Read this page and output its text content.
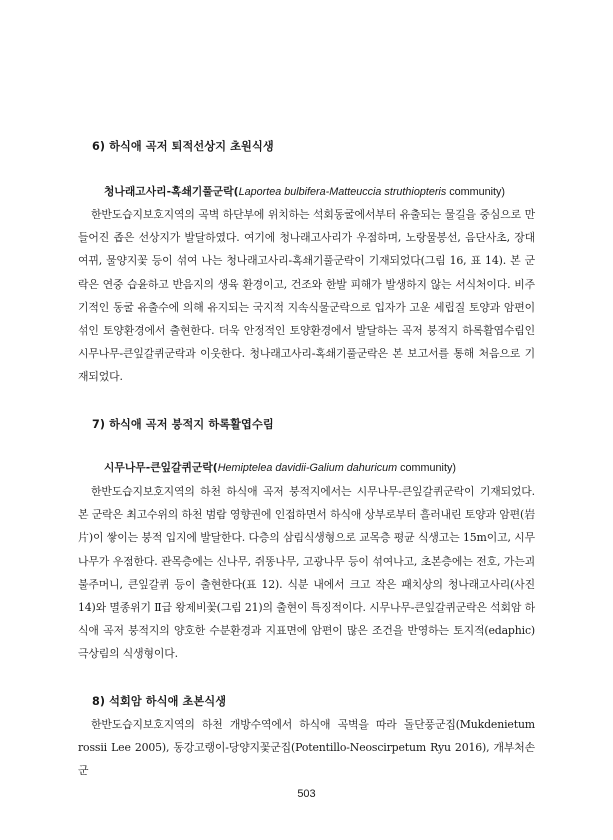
6) 하식애 곡저 퇴적선상지 초원식생
청나래고사리-혹쇄기풀군락(Laportea bulbifera-Matteuccia struthiopteris community)

한반도습지보호지역의 곡벽 하단부에 위치하는 석회동굴에서부터 유출되는 물길을 중심으로 만들어진 좁은 선상지가 발달하였다. 여기에 청나래고사리가 우점하며, 노랑물봉선, 음단사초, 장대여뀌, 물양지꽃 등이 섞여 나는 청나래고사리-혹쇄기풀군락이 기재되었다(그림 16, 표 14). 본 군락은 연중 습윤하고 반음지의 생육 환경이고, 건조와 한발 피해가 발생하지 않는 서식처이다. 비주기적인 동굴 유출수에 의해 유지되는 국지적 지속식물군락으로 입자가 고운 세립질 토양과 암편이 섞인 토양환경에서 출현한다. 더욱 안정적인 토양환경에서 발달하는 곡저 붕적지 하록활엽수림인 시무나무-큰잎갈퀴군락과 이웃한다. 청나래고사리-혹쇄기풀군락은 본 보고서를 통해 처음으로 기재되었다.

7) 하식애 곡저 붕적지 하록활엽수림
시무나무-큰잎갈퀴군락(Hemiptelea davidii-Galium dahuricum community)

한반도습지보호지역의 하천 하식애 곡저 붕적지에서는 시무나무-큰잎갈퀴군락이 기재되었다. 본 군락은 최고수위의 하천 범람 영향권에 인접하면서 하식애 상부로부터 흘러내린 토양과 암편(岩片)이 쌓이는 붕적 입지에 발달한다. 다층의 삼림식생형으로 교목층 평균 식생고는 15m이고, 시무나무가 우점한다. 관목층에는 신나무, 쥐똥나무, 고광나무 등이 섞여나고, 초본층에는 전호, 가는괴불주머니, 큰잎갈퀴 등이 출현한다(표 12). 식분 내에서 크고 작은 패치상의 청나래고사리(사진 14)와 멸종위기 Ⅱ급 왕제비꽃(그림 21)의 출현이 특징적이다. 시무나무-큰잎갈퀴군락은 석회암 하식애 곡저 붕적지의 양호한 수분환경과 지표면에 암편이 많은 조건을 반영하는 토지적(edaphic) 극상림의 식생형이다.

8) 석회암 하식애 초본식생

한반도습지보호지역의 하천 개방수역에서 하식애 곡벽을 따라 돌단풍군집(Mukdenietum rossii Lee 2005), 동강고랭이-당양지꽃군집(Potentillo-Neoscirpetum Ryu 2016), 개부처손군

503
